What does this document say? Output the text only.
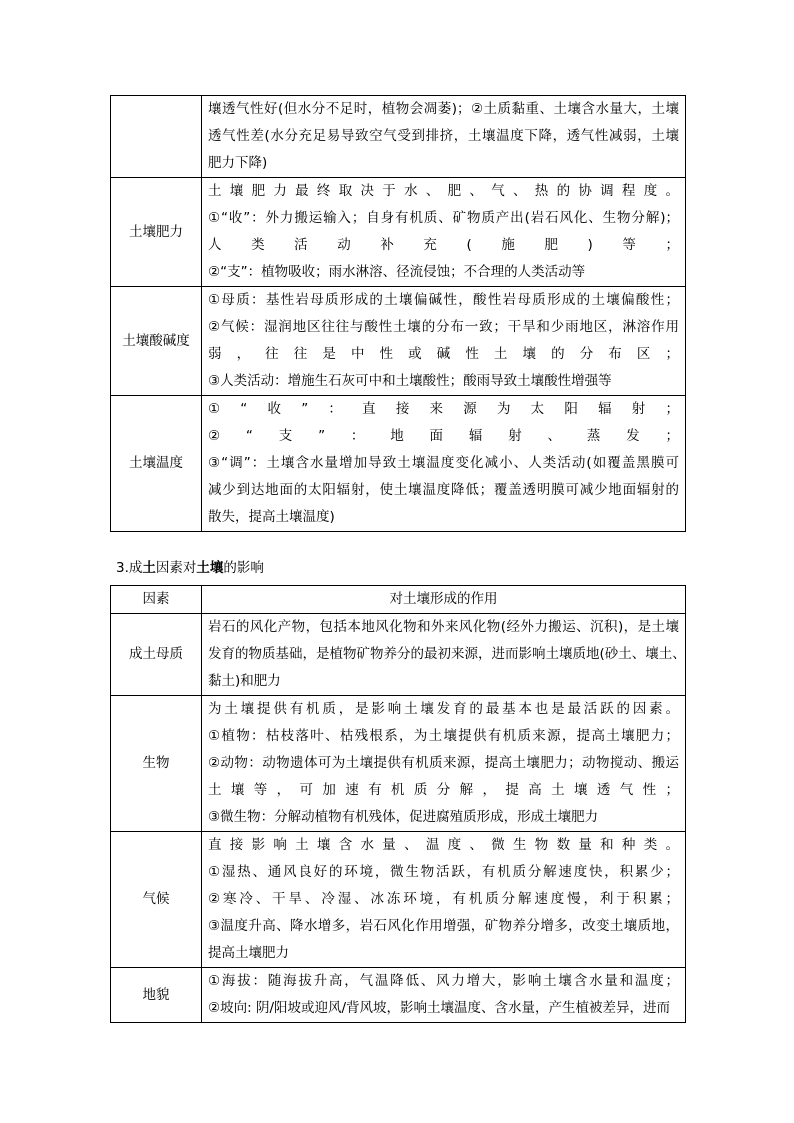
	壤透气性好(但水分不足时，植物会凋萎)；②土质黏重、土壤含水量大，土壤
透气性差(水分充足易导致空气受到排挤，土壤温度下降，透气性减弱，土壤
肥力下降)

土壤肥力	土壤肥力最终取决于水、肥、气、热的协调程度。
①“收”：外力搬运输入；自身有机质、矿物质产出(岩石风化、生物分解)；
人类活动补充(施肥)等；
②“支”：植物吸收；雨水淋溶、径流侵蚀；不合理的人类活动等

土壤酸碱度	①母质：基性岩母质形成的土壤偏碱性，酸性岩母质形成的土壤偏酸性；
②气候：湿润地区往往与酸性土壤的分布一致；干旱和少雨地区，淋溶作用
弱，往往是中性或碱性土壤的分布区；
③人类活动：增施生石灰可中和土壤酸性；酸雨导致土壤酸性增强等

土壤温度	①“收”：直接来源为太阳辐射；
②“支”：地面辐射、蒸发；
③“调”：土壤含水量增加导致土壤温度变化减小、人类活动(如覆盖黑膜可
减少到达地面的太阳辐射，使土壤温度降低；覆盖透明膜可减少地面辐射的
散失，提高土壤温度)
3.成土因素对土壤的影响
因素	对土壤形成的作用
成土母质	岩石的风化产物，包括本地风化物和外来风化物(经外力搬运、沉积)，是土壤
发育的物质基础，是植物矿物养分的最初来源，进而影响土壤质地(砂土、壤土、
黏土)和肥力

生物	为土壤提供有机质，是影响土壤发育的最基本也是最活跃的因素。
①植物：枯枝落叶、枯残根系，为土壤提供有机质来源，提高土壤肥力；
②动物：动物遗体可为土壤提供有机质来源，提高土壤肥力；动物搅动、搬运
土壤等，可加速有机质分解，提高土壤透气性；
③微生物：分解动植物有机残体，促进腐殖质形成，形成土壤肥力

气候	直接影响土壤含水量、温度、微生物数量和种类。
①湿热、通风良好的环境，微生物活跃，有机质分解速度快，积累少；
②寒冷、干旱、冷湿、冰冻环境，有机质分解速度慢，利于积累；
③温度升高、降水增多，岩石风化作用增强，矿物养分增多，改变土壤质地，
提高土壤肥力

地貌	①海拔：随海拔升高，气温降低、风力增大，影响土壤含水量和温度；
②坡向: 阴/阳坡或迎风/背风坡，影响土壤温度、含水量，产生植被差异，进而
